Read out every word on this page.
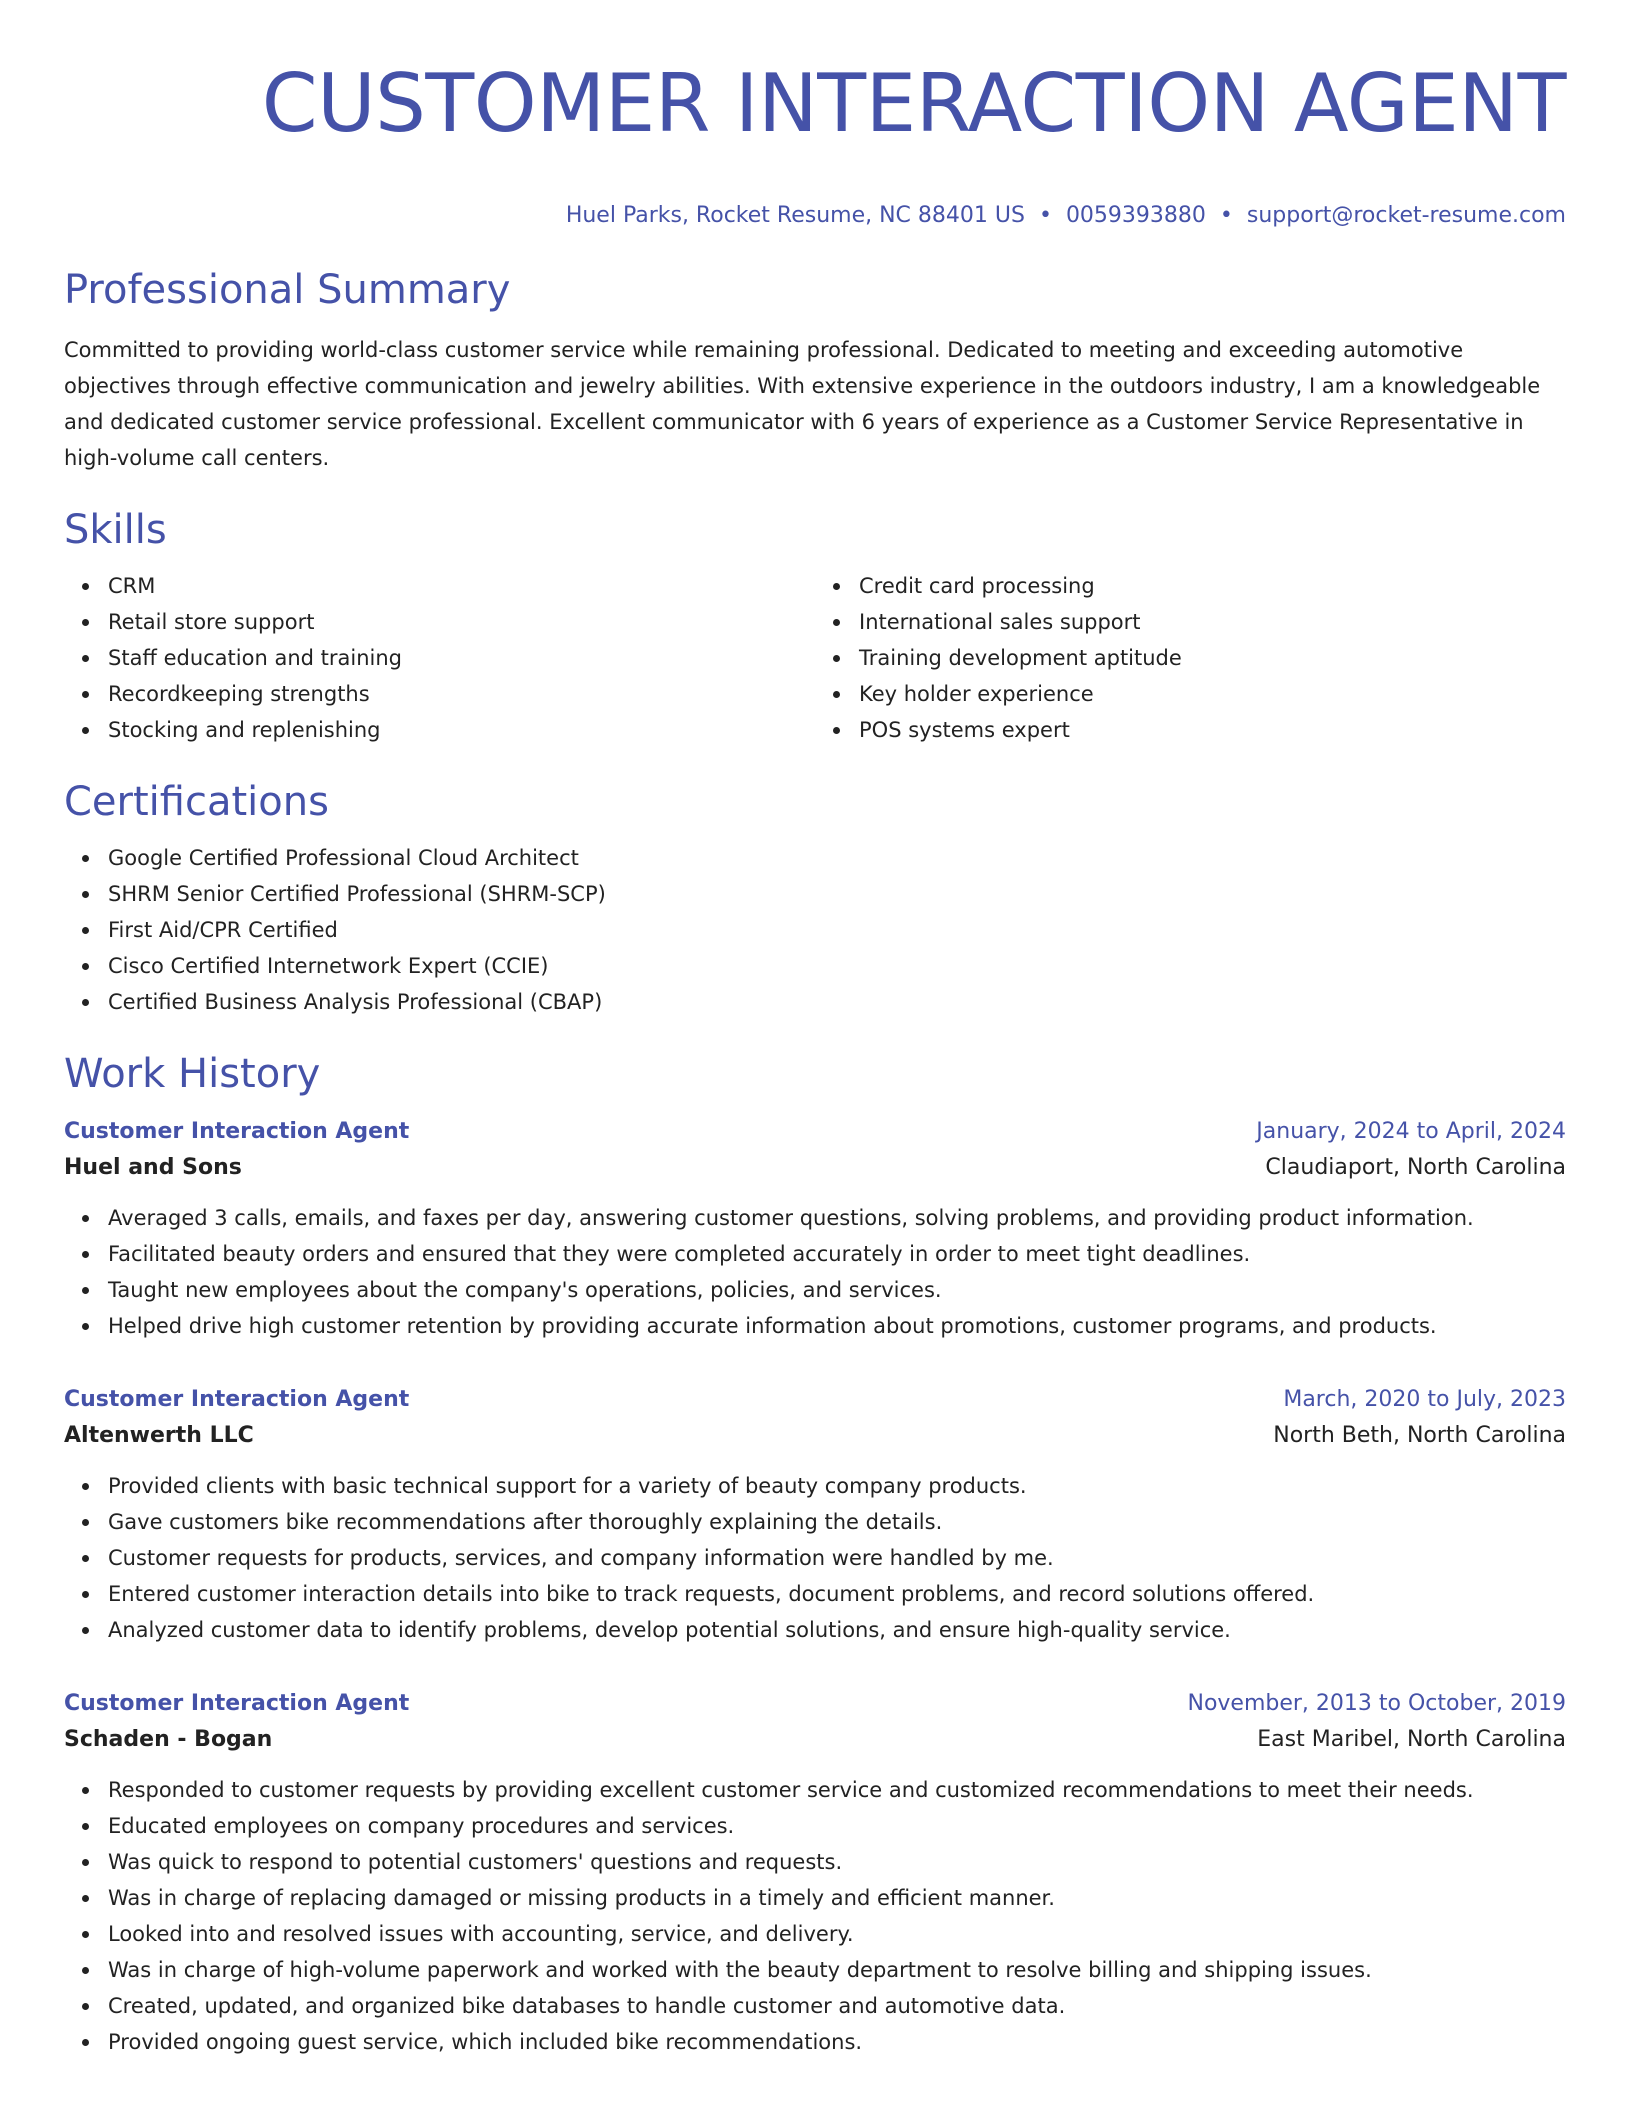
CUSTOMER INTERACTION AGENT
Huel Parks, Rocket Resume, NC 88401 US • 0059393880 • support@rocket-resume.com
Professional Summary

Committed to providing world-class customer service while remaining professional. Dedicated to meeting and exceeding automotive objectives through effective communication and jewelry abilities. With extensive experience in the outdoors industry, I am a knowledgeable and dedicated customer service professional. Excellent communicator with 6 years of experience as a Customer Service Representative in high-volume call centers.

Skills
CRM
Retail store support
Staff education and training
Recordkeeping strengths
Stocking and replenishing
Credit card processing
International sales support
Training development aptitude
Key holder experience
POS systems expert
Certifications
Google Certified Professional Cloud Architect
SHRM Senior Certified Professional (SHRM-SCP)
First Aid/CPR Certified
Cisco Certified Internetwork Expert (CCIE)
Certified Business Analysis Professional (CBAP)
Work History
Customer Interaction Agent	January, 2024 to April, 2024
Huel and Sons	Claudiaport, North Carolina
Averaged 3 calls, emails, and faxes per day, answering customer questions, solving problems, and providing product information.
Facilitated beauty orders and ensured that they were completed accurately in order to meet tight deadlines.
Taught new employees about the company's operations, policies, and services.
Helped drive high customer retention by providing accurate information about promotions, customer programs, and products.
Customer Interaction Agent	March, 2020 to July, 2023
Altenwerth LLC	North Beth, North Carolina
Provided clients with basic technical support for a variety of beauty company products.
Gave customers bike recommendations after thoroughly explaining the details.
Customer requests for products, services, and company information were handled by me.
Entered customer interaction details into bike to track requests, document problems, and record solutions offered.
Analyzed customer data to identify problems, develop potential solutions, and ensure high-quality service.
Customer Interaction Agent	November, 2013 to October, 2019
Schaden - Bogan	East Maribel, North Carolina
Responded to customer requests by providing excellent customer service and customized recommendations to meet their needs.
Educated employees on company procedures and services.
Was quick to respond to potential customers' questions and requests.
Was in charge of replacing damaged or missing products in a timely and efficient manner.
Looked into and resolved issues with accounting, service, and delivery.
Was in charge of high-volume paperwork and worked with the beauty department to resolve billing and shipping issues.
Created, updated, and organized bike databases to handle customer and automotive data.
Provided ongoing guest service, which included bike recommendations.
